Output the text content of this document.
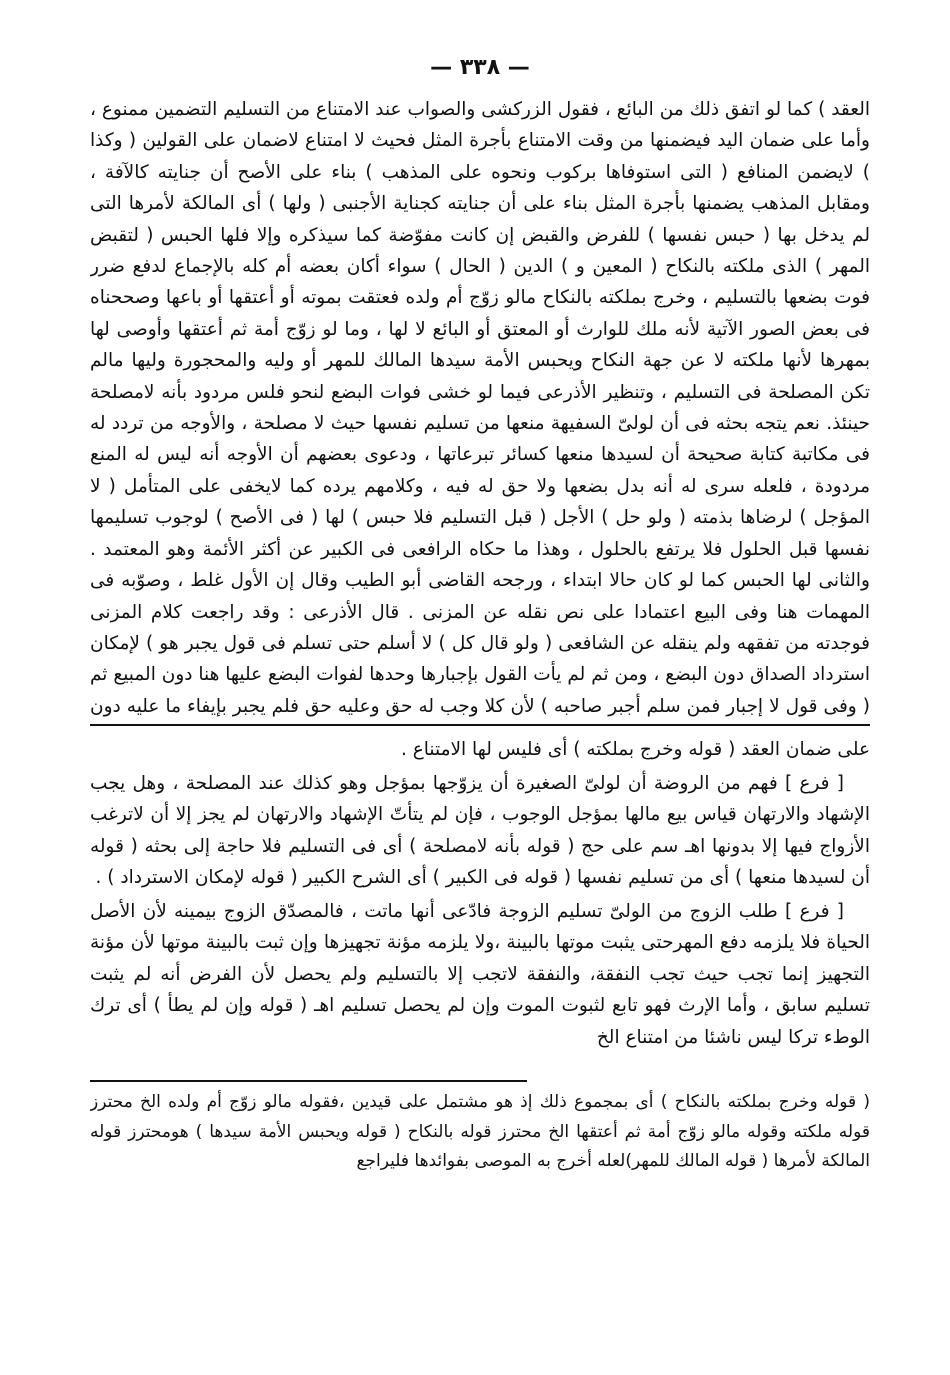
— ٣٣٨ —
العقد ) كما لو اتفق ذلك من البائع ، فقول الزركشى والصواب عند الامتناع من التسليم التضمين ممنوع ، وأما على ضمان اليد فيضمنها من وقت الامتناع بأجرة المثل فحيث لا امتناع لاضمان على القولين ( وكذا ) لايضمن المنافع ( التى استوفاها بركوب ونحوه على المذهب ) بناء على الأصح أن جنايته كالآفة ، ومقابل المذهب يضمنها بأجرة المثل بناء على أن جنايته كجناية الأجنبى ( ولها ) أى المالكة لأمرها التى لم يدخل بها ( حبس نفسها ) للفرض والقبض إن كانت مفوّضة كما سيذكره وإلا فلها الحبس ( لتقبض المهر ) الذى ملكته بالنكاح ( المعين و ) الدين ( الحال ) سواء أكان بعضه أم كله بالإجماع لدفع ضرر فوت بضعها بالتسليم ، وخرج بملكته بالنكاح مالو زوّج أم ولده فعتقت بموته أو أعتقها أو باعها وصححناه فى بعض الصور الآتية لأنه ملك للوارث أو المعتق أو البائع لا لها ، وما لو زوّج أمة ثم أعتقها وأوصى لها بمهرها لأنها ملكته لا عن جهة النكاح ويحبس الأمة سيدها المالك للمهر أو وليه والمحجورة وليها مالم تكن المصلحة فى التسليم ، وتنظير الأذرعى فيما لو خشى فوات البضع لنحو فلس مردود بأنه لامصلحة حينئذ. نعم يتجه بحثه فى أن لولىّ السفيهة منعها من تسليم نفسها حيث لا مصلحة ، والأوجه من تردد له فى مكاتبة كتابة صحيحة أن لسيدها منعها كسائر تبرعاتها ، ودعوى بعضهم أن الأوجه أنه ليس له المنع مردودة ، فلعله سرى له أنه بدل بضعها ولا حق له فيه ، وكلامهم يرده كما لايخفى على المتأمل ( لا المؤجل ) لرضاها بذمته ( ولو حل ) الأجل ( قبل التسليم فلا حبس ) لها ( فى الأصح ) لوجوب تسليمها نفسها قبل الحلول فلا يرتفع بالحلول ، وهذا ما حكاه الرافعى فى الكبير عن أكثر الأئمة وهو المعتمد . والثانى لها الحبس كما لو كان حالا ابتداء ، ورجحه القاضى أبو الطيب وقال إن الأول غلط ، وصوّبه فى المهمات هنا وفى البيع اعتمادا على نص نقله عن المزنى . قال الأذرعى : وقد راجعت كلام المزنى فوجدته من تفقهه ولم ينقله عن الشافعى ( ولو قال كل ) لا أسلم حتى تسلم فى قول يجبر هو ) لإمكان استرداد الصداق دون البضع ، ومن ثم لم يأت القول بإجبارها وحدها لفوات البضع عليها هنا دون المبيع ثم ( وفى قول لا إجبار فمن سلم أجبر صاحبه ) لأن كلا وجب له حق وعليه حق فلم يجبر بإيفاء ما عليه دون

على ضمان العقد ( قوله وخرج بملكته ) أى فليس لها الامتناع .

[ فرع ] فهم من الروضة أن لولىّ الصغيرة أن يزوّجها بمؤجل وهو كذلك عند المصلحة ، وهل يجب الإشهاد والارتهان قياس بيع مالها بمؤجل الوجوب ، فإن لم يتأتّ الإشهاد والارتهان لم يجز إلا أن لاترغب الأزواج فيها إلا بدونها اهـ سم على حج ( قوله بأنه لامصلحة ) أى فى التسليم فلا حاجة إلى بحثه ( قوله أن لسيدها منعها ) أى من تسليم نفسها ( قوله فى الكبير ) أى الشرح الكبير ( قوله لإمكان الاسترداد ) .

[ فرع ] طلب الزوج من الولىّ تسليم الزوجة فادّعى أنها ماتت ، فالمصدّق الزوج بيمينه لأن الأصل الحياة فلا يلزمه دفع المهرحتى يثبت موتها بالبينة ،ولا يلزمه مؤنة تجهيزها وإن ثبت بالبينة موتها لأن مؤنة التجهيز إنما تجب حيث تجب النفقة، والنفقة لاتجب إلا بالتسليم ولم يحصل لأن الفرض أنه لم يثبت تسليم سابق ، وأما الإرث فهو تابع لثبوت الموت وإن لم يحصل تسليم اهـ ( قوله وإن لم يطأ ) أى ترك الوطء تركا ليس ناشئا من امتناع الخ

( قوله وخرج بملكته بالنكاح ) أى بمجموع ذلك إذ هو مشتمل على قيدين ،فقوله مالو زوّج أم ولده الخ محترز قوله ملكته وقوله مالو زوّج أمة ثم أعتقها الخ محترز قوله بالنكاح ( قوله ويحبس الأمة سيدها ) هومحترز قوله المالكة لأمرها ( قوله المالك للمهر)لعله أخرج به الموصى بفوائدها فليراجع
